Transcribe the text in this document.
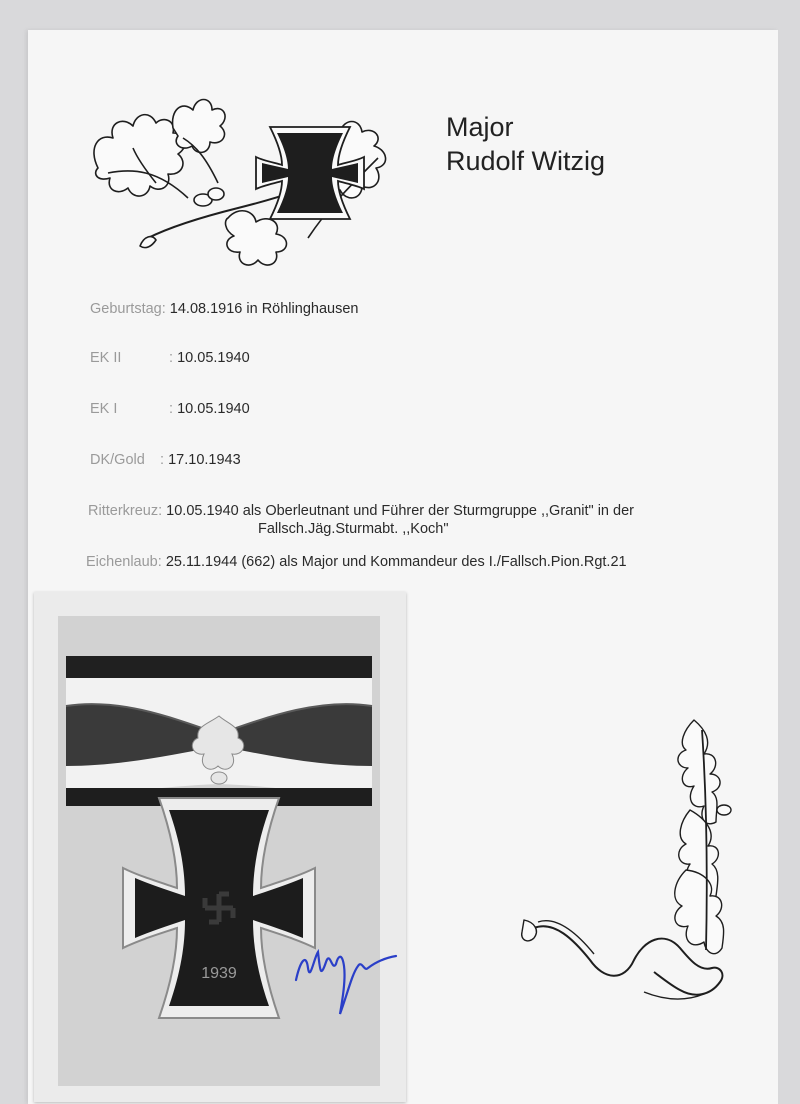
Major
Rudolf Witzig
Geburtstag: 14.08.1916 in Röhlinghausen
EK II	: 10.05.1940
EK I	: 10.05.1940
DK/Gold : 17.10.1943
Ritterkreuz: 10.05.1940 als Oberleutnant und Führer der Sturmgruppe ,,Granit" in der
Fallsch.Jäg.Sturmabt. ,,Koch"
Eichenlaub: 25.11.1944 (662) als Major und Kommandeur des I./Fallsch.Pion.Rgt.21
1939
